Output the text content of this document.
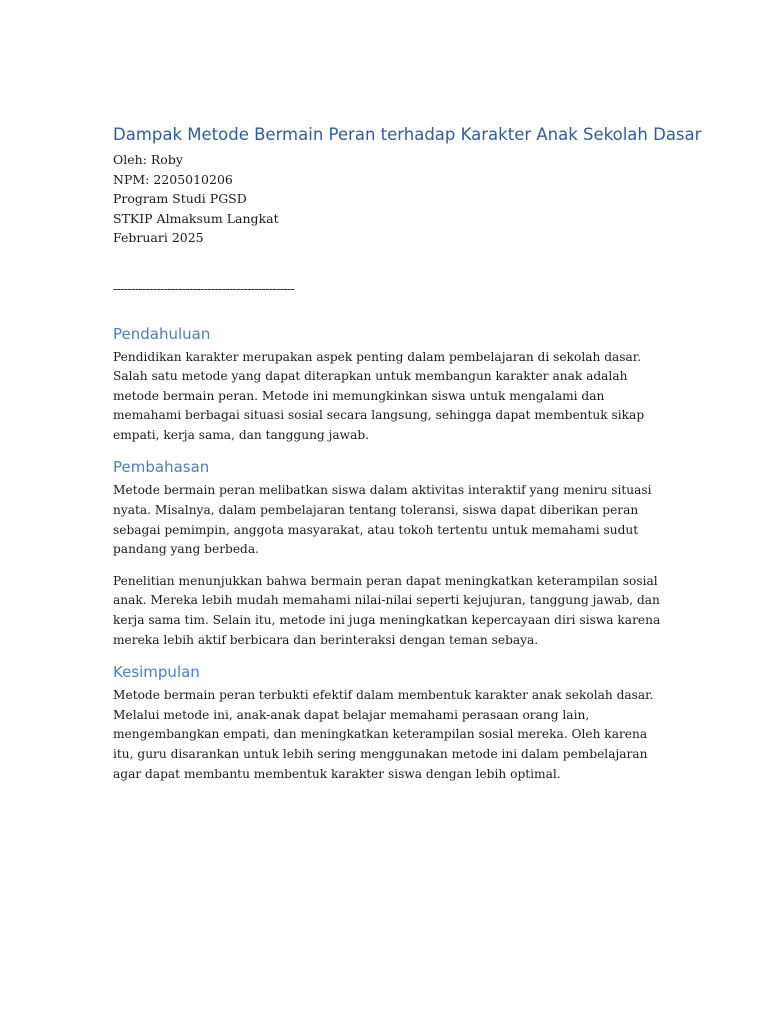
Dampak Metode Bermain Peran terhadap Karakter Anak Sekolah Dasar
Oleh: Roby
NPM: 2205010206
Program Studi PGSD
STKIP Almaksum Langkat
Februari 2025
--------------------------------------------------
Pendahuluan

Pendidikan karakter merupakan aspek penting dalam pembelajaran di sekolah dasar. Salah satu metode yang dapat diterapkan untuk membangun karakter anak adalah metode bermain peran. Metode ini memungkinkan siswa untuk mengalami dan memahami berbagai situasi sosial secara langsung, sehingga dapat membentuk sikap empati, kerja sama, dan tanggung jawab.

Pembahasan

Metode bermain peran melibatkan siswa dalam aktivitas interaktif yang meniru situasi nyata. Misalnya, dalam pembelajaran tentang toleransi, siswa dapat diberikan peran sebagai pemimpin, anggota masyarakat, atau tokoh tertentu untuk memahami sudut pandang yang berbeda.

Penelitian menunjukkan bahwa bermain peran dapat meningkatkan keterampilan sosial anak. Mereka lebih mudah memahami nilai-nilai seperti kejujuran, tanggung jawab, dan kerja sama tim. Selain itu, metode ini juga meningkatkan kepercayaan diri siswa karena mereka lebih aktif berbicara dan berinteraksi dengan teman sebaya.

Kesimpulan

Metode bermain peran terbukti efektif dalam membentuk karakter anak sekolah dasar. Melalui metode ini, anak-anak dapat belajar memahami perasaan orang lain, mengembangkan empati, dan meningkatkan keterampilan sosial mereka. Oleh karena itu, guru disarankan untuk lebih sering menggunakan metode ini dalam pembelajaran agar dapat membantu membentuk karakter siswa dengan lebih optimal.
